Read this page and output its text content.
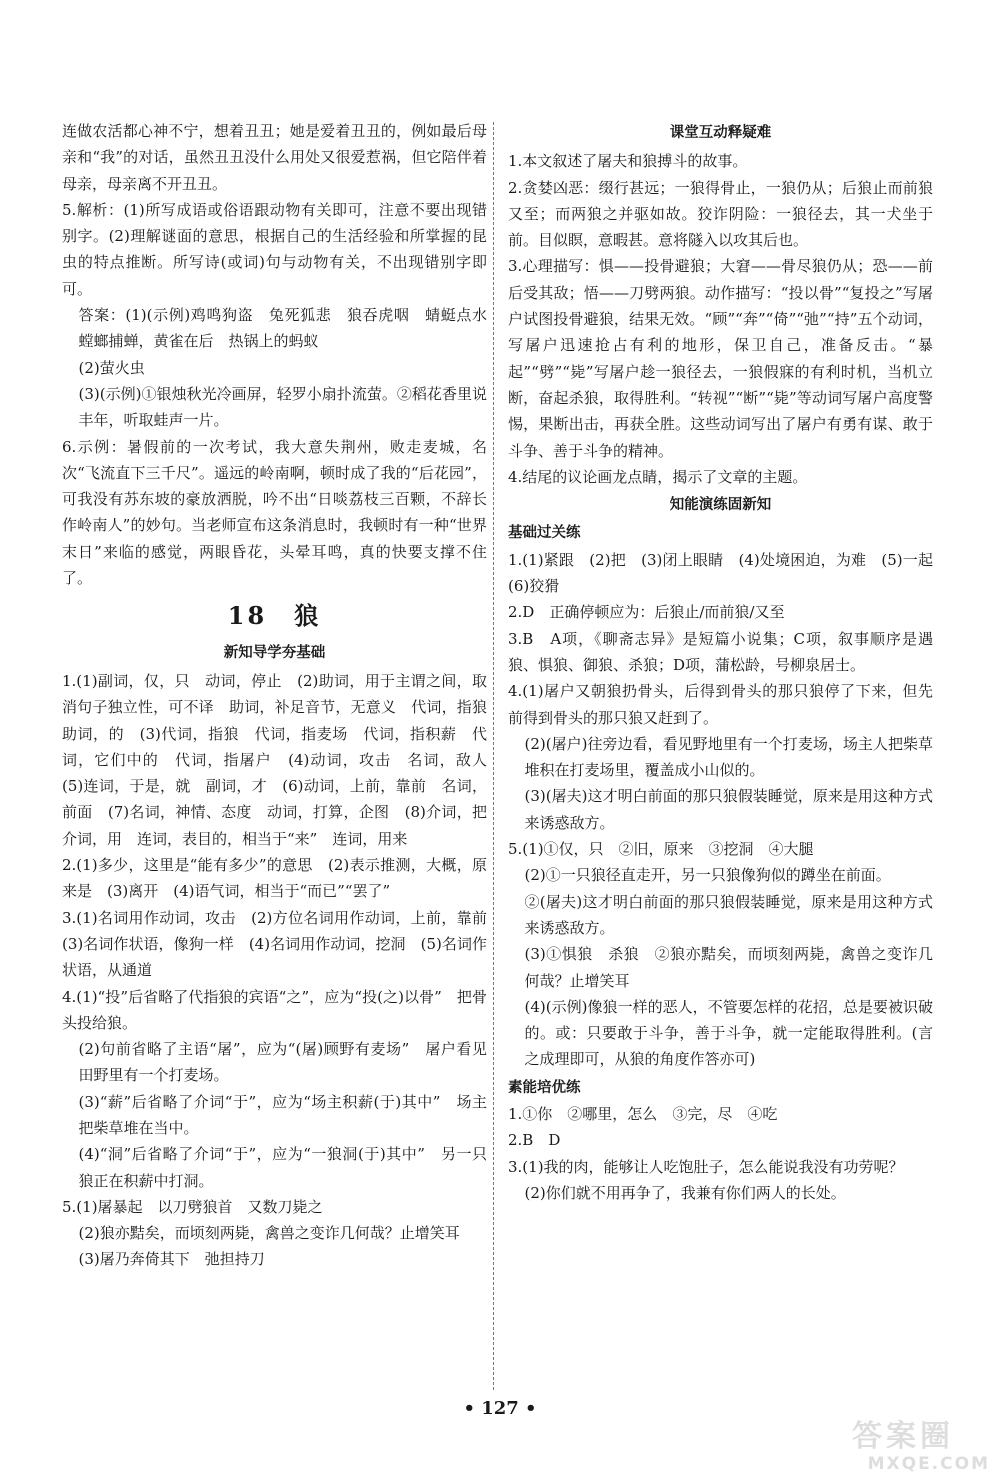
连做农活都心神不宁，想着丑丑；她是爱着丑丑的，例如最后母亲和“我”的对话，虽然丑丑没什么用处又很爱惹祸，但它陪伴着母亲，母亲离不开丑丑。

5.解析：(1)所写成语或俗语跟动物有关即可，注意不要出现错别字。(2)理解谜面的意思，根据自己的生活经验和所掌握的昆虫的特点推断。所写诗(或词)句与动物有关，不出现错别字即可。

答案：(1)(示例)鸡鸣狗盗　兔死狐悲　狼吞虎咽　蜻蜓点水　螳螂捕蝉，黄雀在后　热锅上的蚂蚁

(2)萤火虫

(3)(示例)①银烛秋光冷画屏，轻罗小扇扑流萤。②稻花香里说丰年，听取蛙声一片。

6.示例：暑假前的一次考试，我大意失荆州，败走麦城，名次“飞流直下三千尺”。遥远的岭南啊，顿时成了我的“后花园”，可我没有苏东坡的豪放洒脱，吟不出“日啖荔枝三百颗，不辞长作岭南人”的妙句。当老师宣布这条消息时，我顿时有一种“世界末日”来临的感觉，两眼昏花，头晕耳鸣，真的快要支撑不住了。

18　狼
新知导学夯基础

1.(1)副词，仅，只　动词，停止　(2)助词，用于主谓之间，取消句子独立性，可不译　助词，补足音节，无意义　代词，指狼　助词，的　(3)代词，指狼　代词，指麦场　代词，指积薪　代词，它们中的　代词，指屠户　(4)动词，攻击　名词，敌人　(5)连词，于是，就　副词，才　(6)动词，上前，靠前　名词，前面　(7)名词，神情、态度　动词，打算，企图　(8)介词，把　介词，用　连词，表目的，相当于“来”　连词，用来

2.(1)多少，这里是“能有多少”的意思　(2)表示推测，大概，原来是　(3)离开　(4)语气词，相当于“而已”“罢了”

3.(1)名词用作动词，攻击　(2)方位名词用作动词，上前，靠前　(3)名词作状语，像狗一样　(4)名词用作动词，挖洞　(5)名词作状语，从通道

4.(1)“投”后省略了代指狼的宾语“之”，应为“投(之)以骨”　把骨头投给狼。

(2)句前省略了主语“屠”，应为“(屠)顾野有麦场”　屠户看见田野里有一个打麦场。

(3)“薪”后省略了介词“于”，应为“场主积薪(于)其中”　场主把柴草堆在当中。

(4)“洞”后省略了介词“于”，应为“一狼洞(于)其中”　另一只狼正在积薪中打洞。

5.(1)屠暴起　以刀劈狼首　又数刀毙之

(2)狼亦黠矣，而顷刻两毙，禽兽之变诈几何哉？止增笑耳

(3)屠乃奔倚其下　弛担持刀

课堂互动释疑难

1.本文叙述了屠夫和狼搏斗的故事。

2.贪婪凶恶：缀行甚远；一狼得骨止，一狼仍从；后狼止而前狼又至；而两狼之并驱如故。狡诈阴险：一狼径去，其一犬坐于前。目似瞑，意暇甚。意将隧入以攻其后也。

3.心理描写：惧——投骨避狼；大窘——骨尽狼仍从；恐——前后受其敌；悟——刀劈两狼。动作描写：“投以骨”“复投之”写屠户试图投骨避狼，结果无效。“顾”“奔”“倚”“弛”“持”五个动词，写屠户迅速抢占有利的地形，保卫自己，准备反击。“暴起”“劈”“毙”写屠户趁一狼径去，一狼假寐的有利时机，当机立断，奋起杀狼，取得胜利。“转视”“断”“毙”等动词写屠户高度警惕，果断出击，再获全胜。这些动词写出了屠户有勇有谋、敢于斗争、善于斗争的精神。

4.结尾的议论画龙点睛，揭示了文章的主题。

知能演练固新知
基础过关练

1.(1)紧跟　(2)把　(3)闭上眼睛　(4)处境困迫，为难　(5)一起　(6)狡猾

2.D　正确停顿应为：后狼止/而前狼/又至

3.B　A项，《聊斋志异》是短篇小说集；C项，叙事顺序是遇狼、惧狼、御狼、杀狼；D项，蒲松龄，号柳泉居士。

4.(1)屠户又朝狼扔骨头，后得到骨头的那只狼停了下来，但先前得到骨头的那只狼又赶到了。

(2)(屠户)往旁边看，看见野地里有一个打麦场，场主人把柴草堆积在打麦场里，覆盖成小山似的。

(3)(屠夫)这才明白前面的那只狼假装睡觉，原来是用这种方式来诱惑敌方。

5.(1)①仅，只　②旧，原来　③挖洞　④大腿

(2)①一只狼径直走开，另一只狼像狗似的蹲坐在前面。

②(屠夫)这才明白前面的那只狼假装睡觉，原来是用这种方式来诱惑敌方。

(3)①惧狼　杀狼　②狼亦黠矣，而顷刻两毙，禽兽之变诈几何哉？止增笑耳

(4)(示例)像狼一样的恶人，不管要怎样的花招，总是要被识破的。或：只要敢于斗争，善于斗争，就一定能取得胜利。(言之成理即可，从狼的角度作答亦可)

素能培优练

1.①你　②哪里，怎么　③完，尽　④吃

2.B　D

3.(1)我的肉，能够让人吃饱肚子，怎么能说我没有功劳呢？

(2)你们就不用再争了，我兼有你们两人的长处。

• 127 •
答案圈
MXQE.COM
